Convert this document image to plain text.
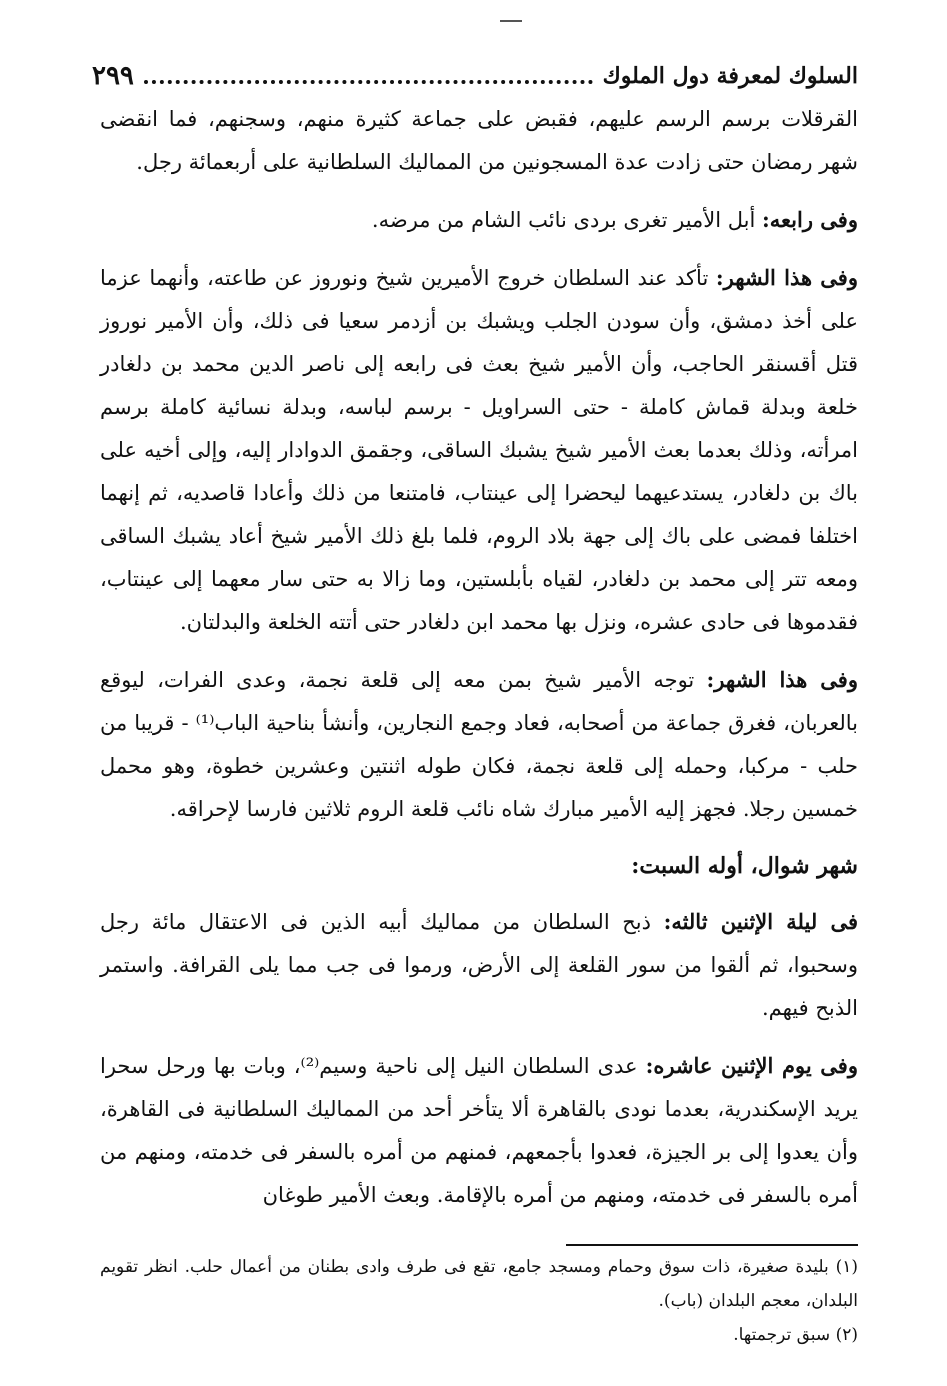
السلوك لمعرفة دول الملوك
٢٩٩

القرقلات برسم الرسم عليهم، فقبض على جماعة كثيرة منهم، وسجنهم، فما انقضى شهر رمضان حتى زادت عدة المسجونين من المماليك السلطانية على أربعمائة رجل.

وفى رابعه: أبل الأمير تغرى بردى نائب الشام من مرضه.

وفى هذا الشهر: تأكد عند السلطان خروج الأميرين شيخ ونوروز عن طاعته، وأنهما عزما على أخذ دمشق، وأن سودن الجلب ويشبك بن أزدمر سعيا فى ذلك، وأن الأمير نوروز قتل أقسنقر الحاجب، وأن الأمير شيخ بعث فى رابعه إلى ناصر الدين محمد بن دلغادر خلعة وبدلة قماش كاملة - حتى السراويل - برسم لباسه، وبدلة نسائية كاملة برسم امرأته، وذلك بعدما بعث الأمير شيخ يشبك الساقى، وجقمق الدوادار إليه، وإلى أخيه على باك بن دلغادر، يستدعيهما ليحضرا إلى عينتاب، فامتنعا من ذلك وأعادا قاصديه، ثم إنهما اختلفا فمضى على باك إلى جهة بلاد الروم، فلما بلغ ذلك الأمير شيخ أعاد يشبك الساقى ومعه تتر إلى محمد بن دلغادر، لقياه بأبلستين، وما زالا به حتى سار معهما إلى عينتاب، فقدموها فى حادى عشره، ونزل بها محمد ابن دلغادر حتى أتته الخلعة والبدلتان.

وفى هذا الشهر: توجه الأمير شيخ بمن معه إلى قلعة نجمة، وعدى الفرات، ليوقع بالعربان، فغرق جماعة من أصحابه، فعاد وجمع النجارين، وأنشأ بناحية الباب⁽¹⁾ - قريبا من حلب - مركبا، وحمله إلى قلعة نجمة، فكان طوله اثنتين وعشرين خطوة، وهو محمل خمسين رجلا. فجهز إليه الأمير مبارك شاه نائب قلعة الروم ثلاثين فارسا لإحراقه.

شهر شوال، أوله السبت:

فى ليلة الإثنين ثالثه: ذبح السلطان من مماليك أبيه الذين فى الاعتقال مائة رجل وسحبوا، ثم ألقوا من سور القلعة إلى الأرض، ورموا فى جب مما يلى القرافة. واستمر الذبح فيهم.

وفى يوم الإثنين عاشره: عدى السلطان النيل إلى ناحية وسيم⁽²⁾، وبات بها ورحل سحرا يريد الإسكندرية، بعدما نودى بالقاهرة ألا يتأخر أحد من المماليك السلطانية فى القاهرة، وأن يعدوا إلى بر الجيزة، فعدوا بأجمعهم، فمنهم من أمره بالسفر فى خدمته، ومنهم من أمره بالسفر فى خدمته، ومنهم من أمره بالإقامة. وبعث الأمير طوغان

(١) بليدة صغيرة، ذات سوق وحمام ومسجد جامع، تقع فى طرف وادى بطنان من أعمال حلب. انظر تقويم البلدان، معجم البلدان (باب).

(٢) سبق ترجمتها.
